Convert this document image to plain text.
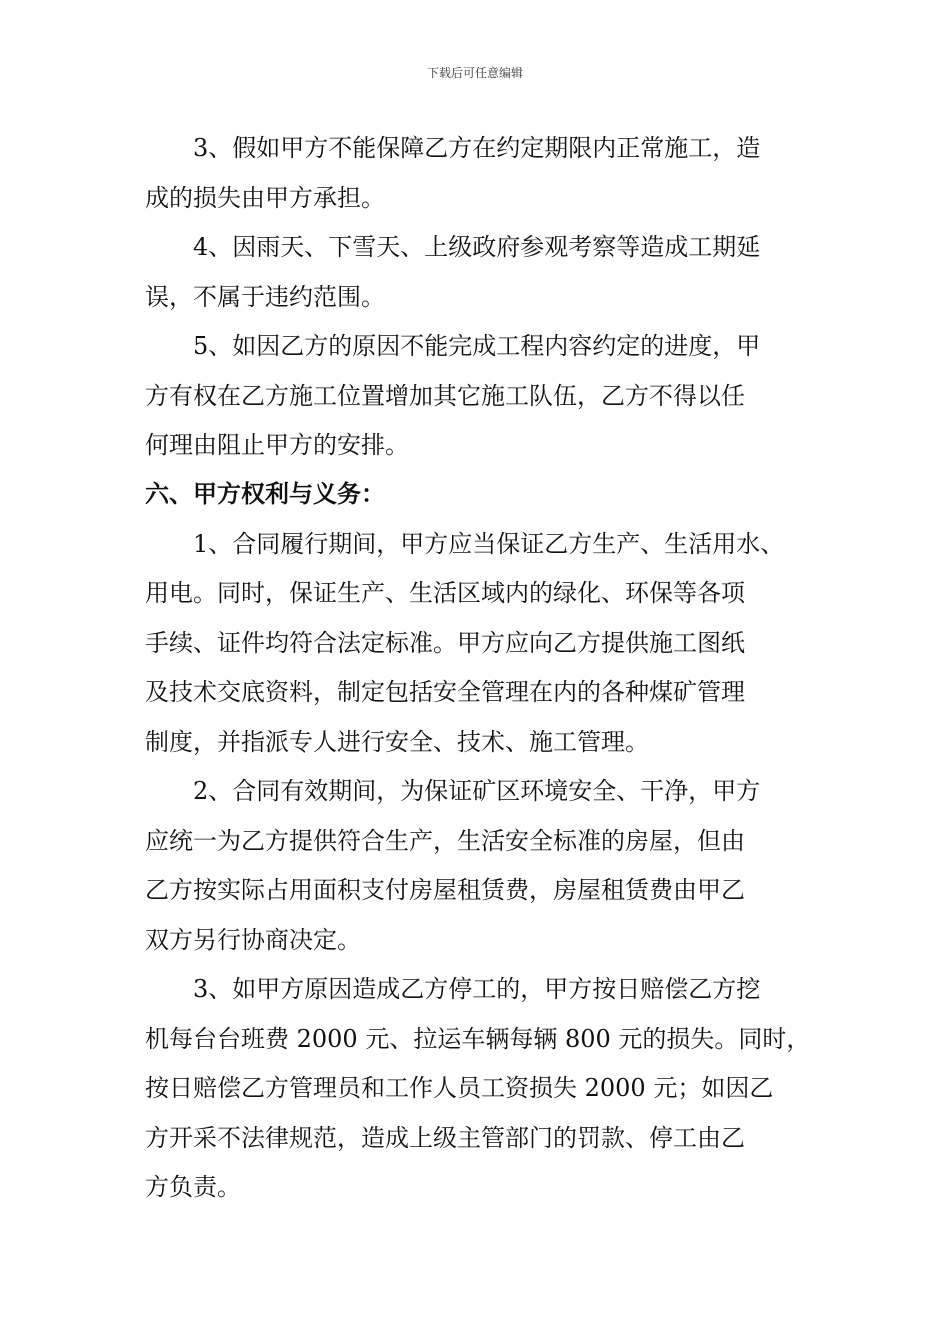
下载后可任意编辑
3、假如甲方不能保障乙方在约定期限内正常施工，造
成的损失由甲方承担。
4、因雨天、下雪天、上级政府参观考察等造成工期延
误，不属于违约范围。
5、如因乙方的原因不能完成工程内容约定的进度，甲
方有权在乙方施工位置增加其它施工队伍，乙方不得以任
何理由阻止甲方的安排。
六、甲方权利与义务：
1、合同履行期间，甲方应当保证乙方生产、生活用水、
用电。同时，保证生产、生活区域内的绿化、环保等各项
手续、证件均符合法定标准。甲方应向乙方提供施工图纸
及技术交底资料，制定包括安全管理在内的各种煤矿管理
制度，并指派专人进行安全、技术、施工管理。
2、合同有效期间，为保证矿区环境安全、干净，甲方
应统一为乙方提供符合生产，生活安全标准的房屋，但由
乙方按实际占用面积支付房屋租赁费，房屋租赁费由甲乙
双方另行协商决定。
3、如甲方原因造成乙方停工的，甲方按日赔偿乙方挖
机每台台班费 2000 元、拉运车辆每辆 800 元的损失。同时，
按日赔偿乙方管理员和工作人员工资损失 2000 元；如因乙
方开采不法律规范，造成上级主管部门的罚款、停工由乙
方负责。
